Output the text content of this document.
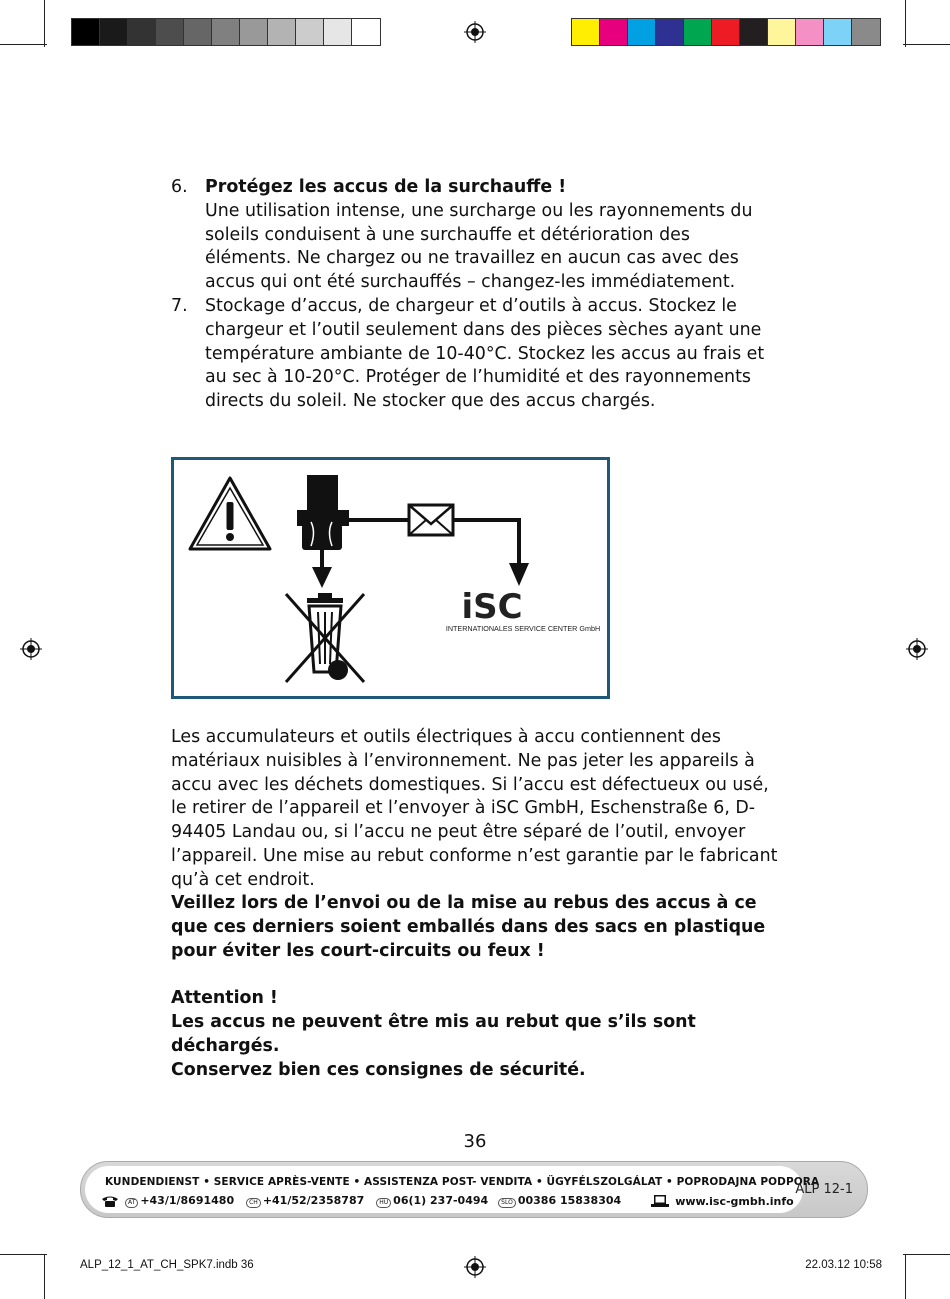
6. Protégez les accus de la surchauffe !
Une utilisation intense, une surcharge ou les rayonnements du soleils conduisent à une surchauffe et détérioration des éléments. Ne chargez ou ne travaillez en aucun cas avec des accus qui ont été surchauffés – changez-les immédiatement.
7. Stockage d’accus, de chargeur et d’outils à accus. Stockez le chargeur et l’outil seulement dans des pièces sèches ayant une température ambiante de 10-40°C. Stockez les accus au frais et au sec à 10-20°C. Protéger de l’humidité et des rayonnements directs du soleil. Ne stocker que des accus chargés.
iSC
INTERNATIONALES SERVICE CENTER GmbH

Les accumulateurs et outils électriques à accu contiennent des matériaux nuisibles à l’environnement. Ne pas jeter les appareils à accu avec les déchets domestiques. Si l’accu est défectueux ou usé, le retirer de l’appareil et l’envoyer à iSC GmbH, Eschenstraße 6, D-94405 Landau ou, si l’accu ne peut être séparé de l’outil, envoyer l’appareil. Une mise au rebut conforme n’est garantie par le fabricant qu’à cet endroit.

Veillez lors de l’envoi ou de la mise au rebus des accus à ce que ces derniers soient emballés dans des sacs en plastique pour éviter les court-circuits ou feux !

Attention !
Les accus ne peuvent être mis au rebut que s’ils sont déchargés.

Conservez bien ces consignes de sécurité.

36
KUNDENDIENST • SERVICE APRÈS-VENTE • ASSISTENZA POST- VENDITA • ÜGYFÉLSZOLGÁLAT • POPRODAJNA PODPORA
AT +43/1/8691480	CH +41/52/2358787	HU 06(1) 237-0494	SLO 00386 15838304	www.isc-gmbh.info
ALP 12-1
ALP_12_1_AT_CH_SPK7.indb 36	22.03.12 10:58
